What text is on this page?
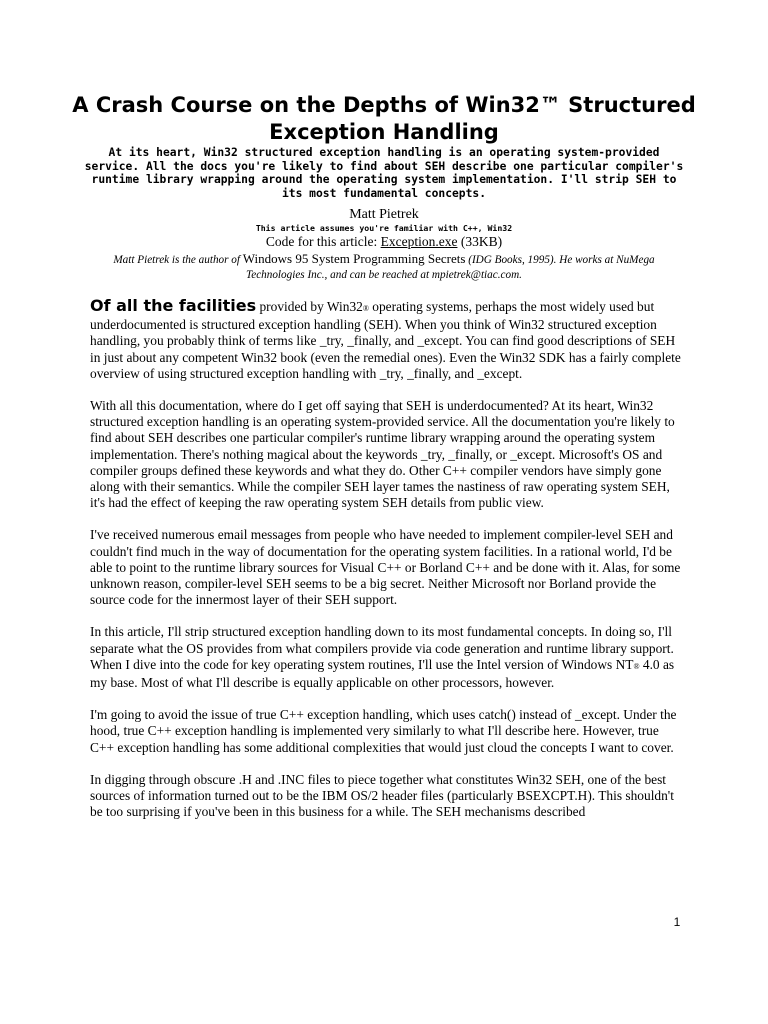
A Crash Course on the Depths of Win32™ Structured Exception Handling

At its heart, Win32 structured exception handling is an operating system-provided service. All the docs you're likely to find about SEH describe one particular compiler's runtime library wrapping around the operating system implementation. I'll strip SEH to its most fundamental concepts.

Matt Pietrek
This article assumes you're familiar with C++, Win32
Code for this article: Exception.exe (33KB)
Matt Pietrek is the author of Windows 95 System Programming Secrets (IDG Books, 1995). He works at NuMega Technologies Inc., and can be reached at mpietrek@tiac.com.

Of all the facilities provided by Win32® operating systems, perhaps the most widely used but underdocumented is structured exception handling (SEH). When you think of Win32 structured exception handling, you probably think of terms like _try, _finally, and _except. You can find good descriptions of SEH in just about any competent Win32 book (even the remedial ones). Even the Win32 SDK has a fairly complete overview of using structured exception handling with _try, _finally, and _except.

With all this documentation, where do I get off saying that SEH is underdocumented? At its heart, Win32 structured exception handling is an operating system-provided service. All the documentation you're likely to find about SEH describes one particular compiler's runtime library wrapping around the operating system implementation. There's nothing magical about the keywords _try, _finally, or _except. Microsoft's OS and compiler groups defined these keywords and what they do. Other C++ compiler vendors have simply gone along with their semantics. While the compiler SEH layer tames the nastiness of raw operating system SEH, it's had the effect of keeping the raw operating system SEH details from public view.

I've received numerous email messages from people who have needed to implement compiler-level SEH and couldn't find much in the way of documentation for the operating system facilities. In a rational world, I'd be able to point to the runtime library sources for Visual C++ or Borland C++ and be done with it. Alas, for some unknown reason, compiler-level SEH seems to be a big secret. Neither Microsoft nor Borland provide the source code for the innermost layer of their SEH support.

In this article, I'll strip structured exception handling down to its most fundamental concepts. In doing so, I'll separate what the OS provides from what compilers provide via code generation and runtime library support. When I dive into the code for key operating system routines, I'll use the Intel version of Windows NT® 4.0 as my base. Most of what I'll describe is equally applicable on other processors, however.

I'm going to avoid the issue of true C++ exception handling, which uses catch() instead of _except. Under the hood, true C++ exception handling is implemented very similarly to what I'll describe here. However, true C++ exception handling has some additional complexities that would just cloud the concepts I want to cover.

In digging through obscure .H and .INC files to piece together what constitutes Win32 SEH, one of the best sources of information turned out to be the IBM OS/2 header files (particularly BSEXCPT.H). This shouldn't be too surprising if you've been in this business for a while. The SEH mechanisms described

1
